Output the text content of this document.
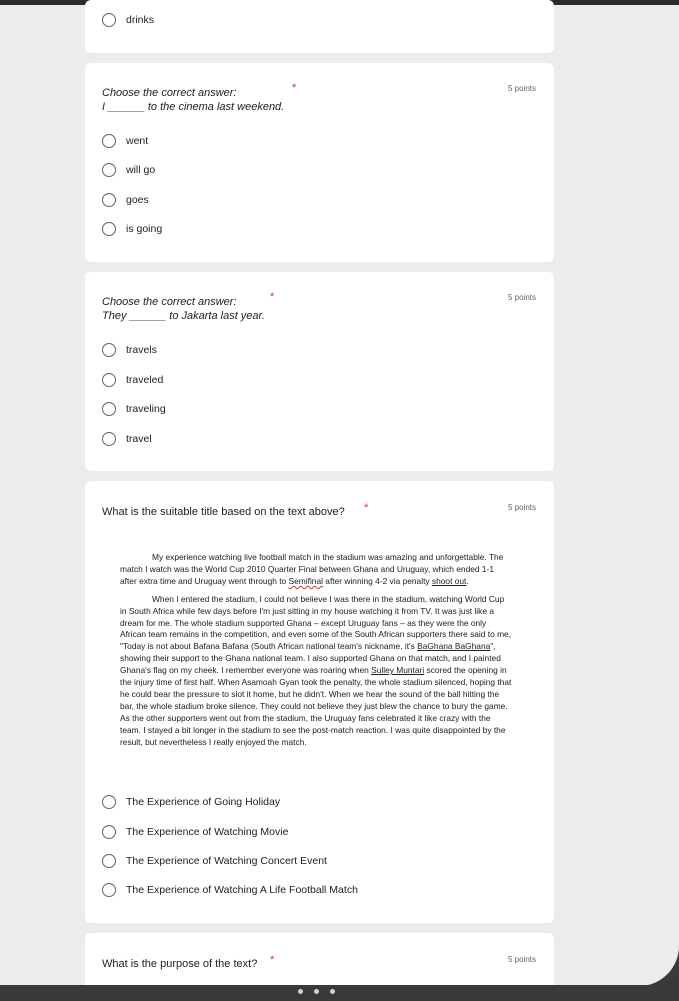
drinks
Choose the correct answer:	*	5 points
I ______ to the cinema last weekend.
went
will go
goes
is going
Choose the correct answer:	*	5 points
They ______ to Jakarta last year.
travels
traveled
traveling
travel
What is the suitable title based on the text above? *	5 points

My experience watching live football match in the stadium was amazing and unforgettable. The match I watch was the World Cup 2010 Quarter Final between Ghana and Uruguay, which ended 1-1 after extra time and Uruguay went through to Semifinal after winning 4-2 via penalty shoot out.

When I entered the stadium, I could not believe I was there in the stadium, watching World Cup in South Africa while few days before I'm just sitting in my house watching it from TV. It was just like a dream for me. The whole stadium supported Ghana – except Uruguay fans – as they were the only African team remains in the competition, and even some of the South African supporters there said to me, "Today is not about Bafana Bafana (South African national team's nickname, it's BaGhana BaGhana", showing their support to the Ghana national team. I also supported Ghana on that match, and I painted Ghana's flag on my cheek. I remember everyone was roaring when Sulley Muntari scored the opening in the injury time of first half. When Asamoah Gyan took the penalty, the whole stadium silenced, hoping that he could bear the pressure to slot it home, but he didn't. When we hear the sound of the ball hitting the bar, the whole stadium broke silence. They could not believe they just blew the chance to bury the game. As the other supporters went out from the stadium, the Uruguay fans celebrated it like crazy with the team. I stayed a bit longer in the stadium to see the post-match reaction. I was quite disappointed by the result, but nevertheless I really enjoyed the match.

The Experience of Going Holiday
The Experience of Watching Movie
The Experience of Watching Concert Event
The Experience of Watching A Life Football Match
What is the purpose of the text? *	5 points
